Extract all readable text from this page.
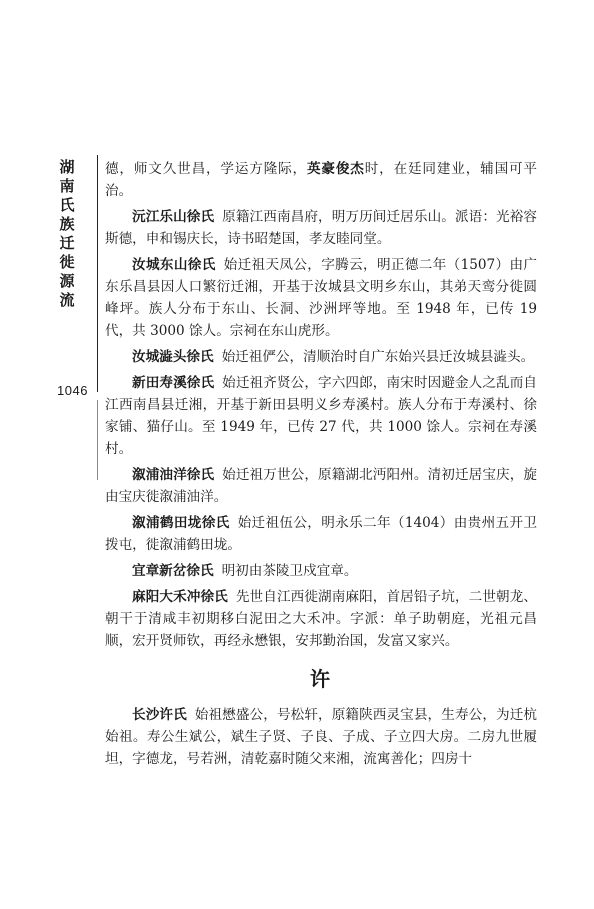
湖南氏族迁徙源流
1046

德，师文久世昌，学运方隆际，英豪俊杰时，在廷同建业，辅国可平治。

沅江乐山徐氏 原籍江西南昌府，明万历间迁居乐山。派语：光裕容斯德，申和锡庆长，诗书昭楚国，孝友睦同堂。

汝城东山徐氏 始迁祖天凤公，字腾云，明正德二年（1507）由广东乐昌县因人口繁衍迁湘，开基于汝城县文明乡东山，其弟天鸾分徙圆峰坪。族人分布于东山、长洞、沙洲坪等地。至 1948 年，已传 19 代，共 3000 馀人。宗祠在东山虎形。

汝城澁头徐氏 始迁祖俨公，清顺治时自广东始兴县迁汝城县澁头。

新田寿溪徐氏 始迁祖齐贤公，字六四郎，南宋时因避金人之乱而自江西南昌县迁湘，开基于新田县明义乡寿溪村。族人分布于寿溪村、徐家铺、猫仔山。至 1949 年，已传 27 代，共 1000 馀人。宗祠在寿溪村。

溆浦油洋徐氏 始迁祖万世公，原籍湖北沔阳州。清初迁居宝庆，旋由宝庆徙溆浦油洋。

溆浦鹤田垅徐氏 始迁祖伍公，明永乐二年（1404）由贵州五开卫拨屯，徙溆浦鹤田垅。

宜章新岔徐氏 明初由茶陵卫戍宜章。

麻阳大禾冲徐氏 先世自江西徙湖南麻阳，首居铅子坑，二世朝龙、朝干于清咸丰初期移白泥田之大禾冲。字派：单子助朝庭，光祖元昌顺，宏开贤师钦，再经永懋银，安邦勤治国，发富又家兴。

许

长沙许氏 始祖懋盛公，号松轩，原籍陕西灵宝县，生寿公，为迁杭始祖。寿公生斌公，斌生子贤、子良、子成、子立四大房。二房九世履坦，字德龙，号若洲，清乾嘉时随父来湘，流寓善化；四房十
